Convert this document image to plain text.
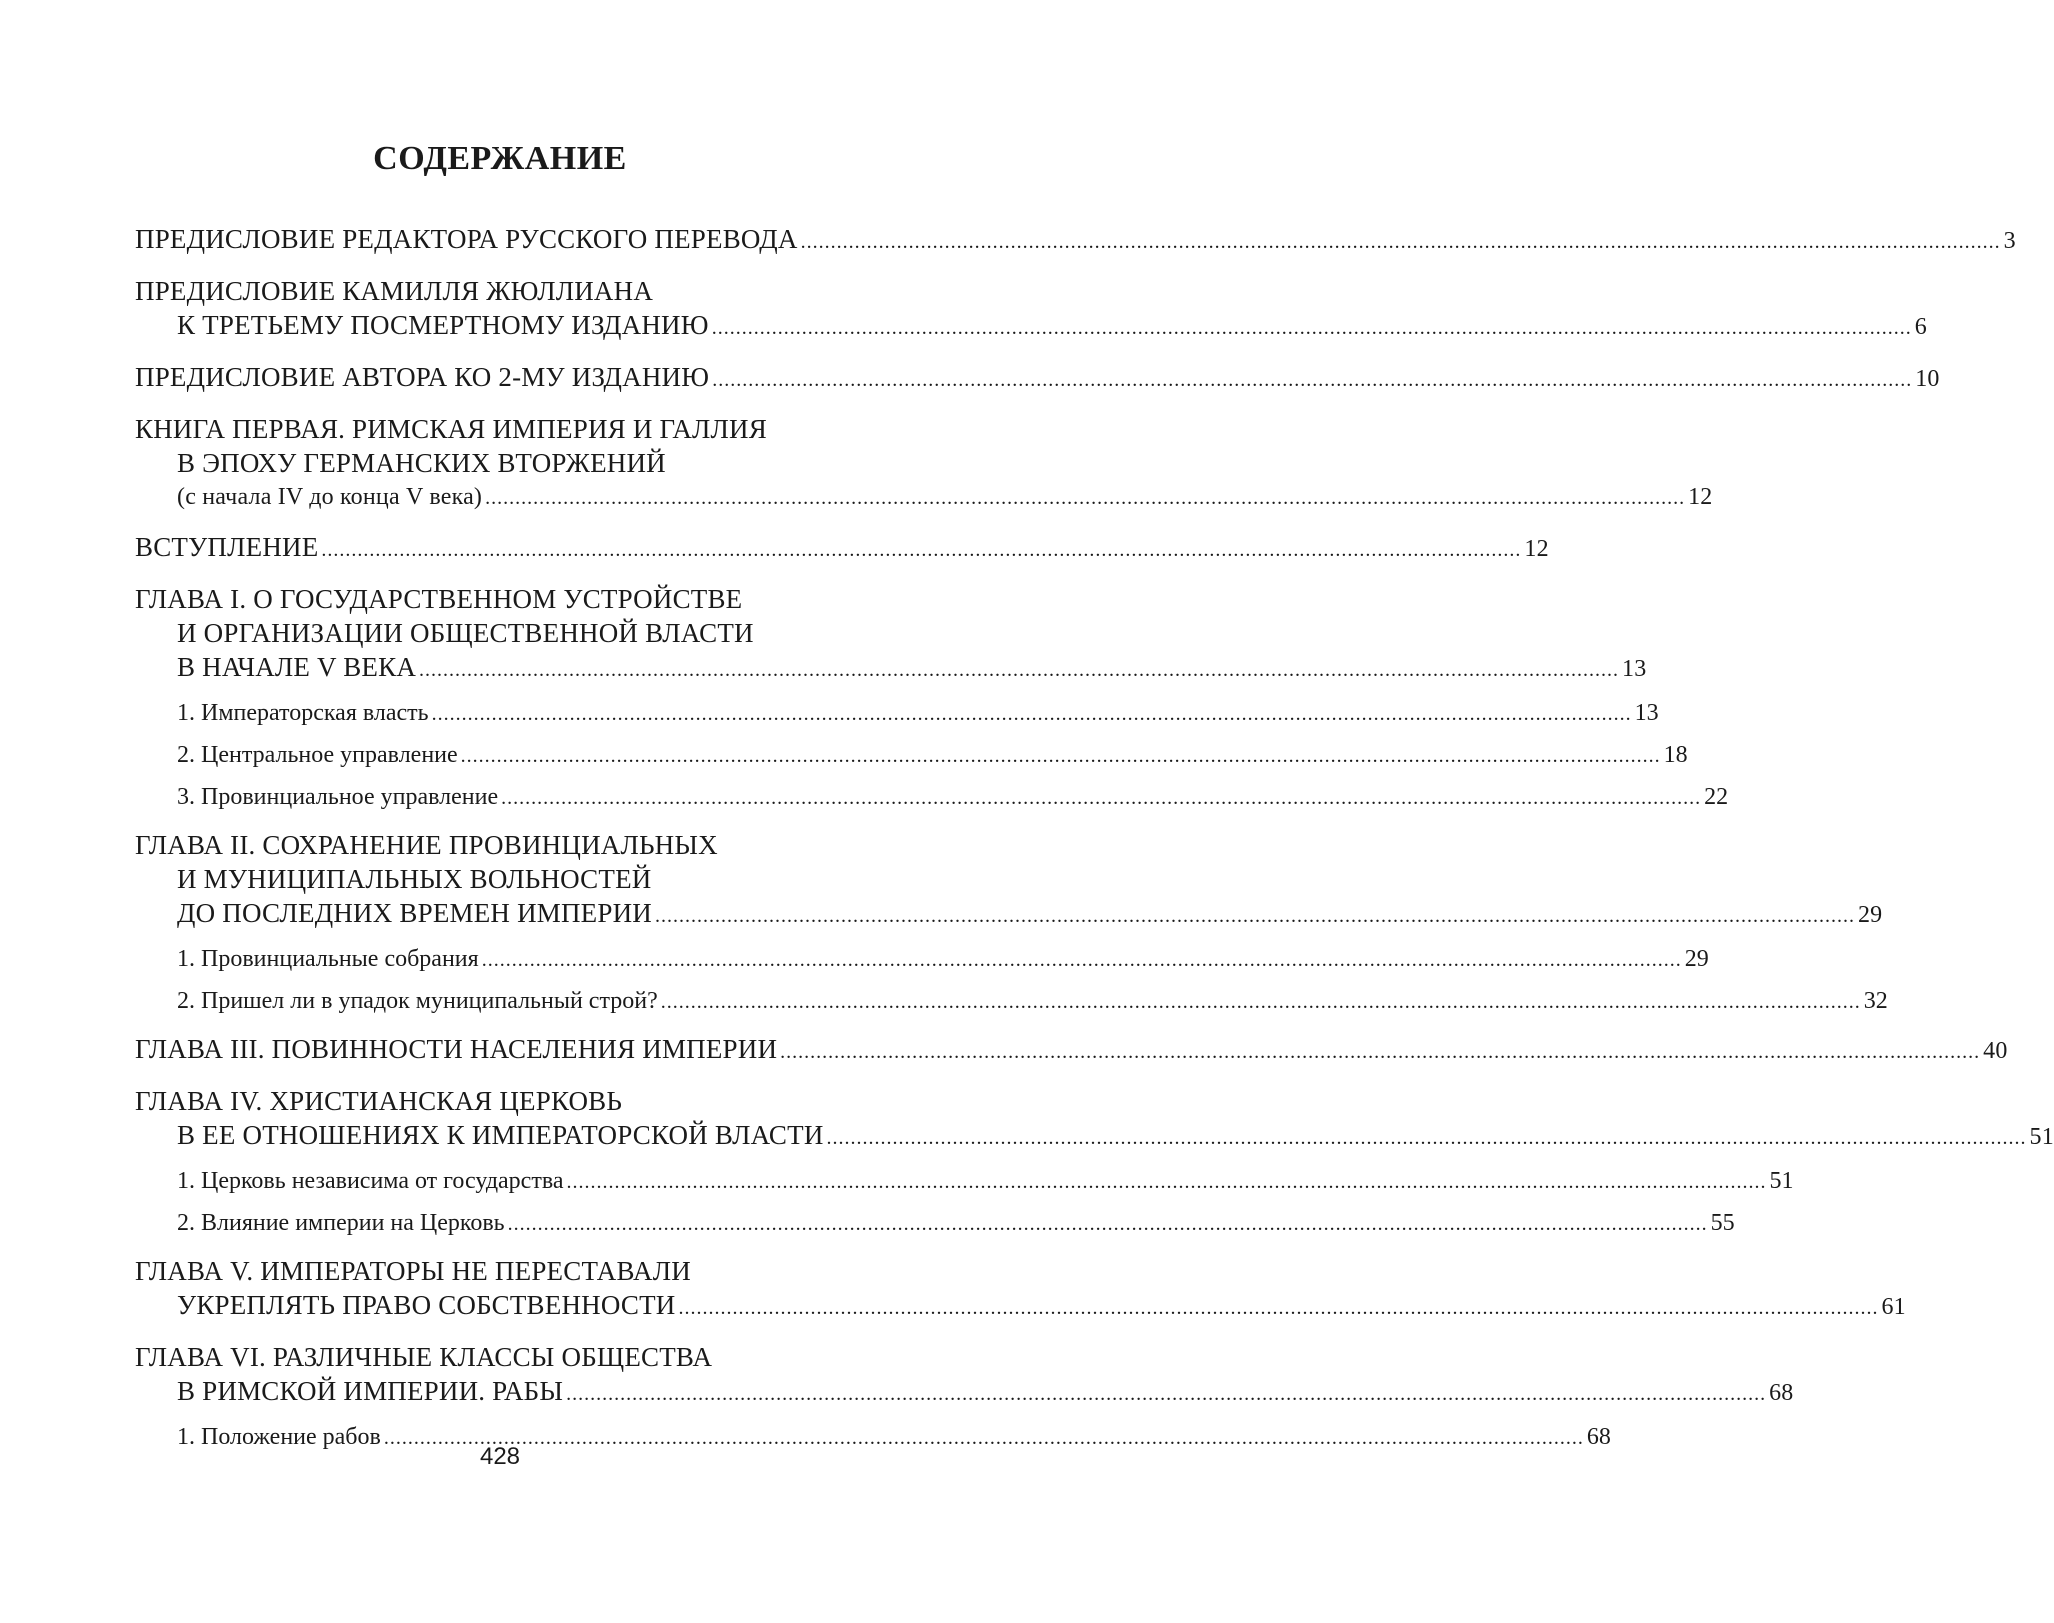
СОДЕРЖАНИЕ
ПРЕДИСЛОВИЕ РЕДАКТОРА РУССКОГО ПЕРЕВОДА .....	3
ПРЕДИСЛОВИЕ КАМИЛЛЯ ЖЮЛЛИАНА
К ТРЕТЬЕМУ ПОСМЕРТНОМУ ИЗДАНИЮ .....	6
ПРЕДИСЛОВИЕ АВТОРА КО 2-МУ ИЗДАНИЮ .....	10
КНИГА ПЕРВАЯ. РИМСКАЯ ИМПЕРИЯ И ГАЛЛИЯ
В ЭПОХУ ГЕРМАНСКИХ ВТОРЖЕНИЙ
(с начала IV до конца V века) .....	12
ВСТУПЛЕНИЕ .....	12
ГЛАВА I. О ГОСУДАРСТВЕННОМ УСТРОЙСТВЕ
И ОРГАНИЗАЦИИ ОБЩЕСТВЕННОЙ ВЛАСТИ
В НАЧАЛЕ V ВЕКА .....	13
1. Императорская власть .....	13
2. Центральное управление .....	18
3. Провинциальное управление .....	22
ГЛАВА II. СОХРАНЕНИЕ ПРОВИНЦИАЛЬНЫХ
И МУНИЦИПАЛЬНЫХ ВОЛЬНОСТЕЙ
ДО ПОСЛЕДНИХ ВРЕМЕН ИМПЕРИИ .....	29
1. Провинциальные собрания .....	29
2. Пришел ли в упадок муниципальный строй? .....	32
ГЛАВА III. ПОВИННОСТИ НАСЕЛЕНИЯ ИМПЕРИИ .....	40
ГЛАВА IV. ХРИСТИАНСКАЯ ЦЕРКОВЬ
В ЕЕ ОТНОШЕНИЯХ К ИМПЕРАТОРСКОЙ ВЛАСТИ .....	51
1. Церковь независима от государства .....	51
2. Влияние империи на Церковь .....	55
ГЛАВА V. ИМПЕРАТОРЫ НЕ ПЕРЕСТАВАЛИ
УКРЕПЛЯТЬ ПРАВО СОБСТВЕННОСТИ .....	61
ГЛАВА VI. РАЗЛИЧНЫЕ КЛАССЫ ОБЩЕСТВА
В РИМСКОЙ ИМПЕРИИ. РАБЫ .....	68
1. Положение рабов .....	68
428
